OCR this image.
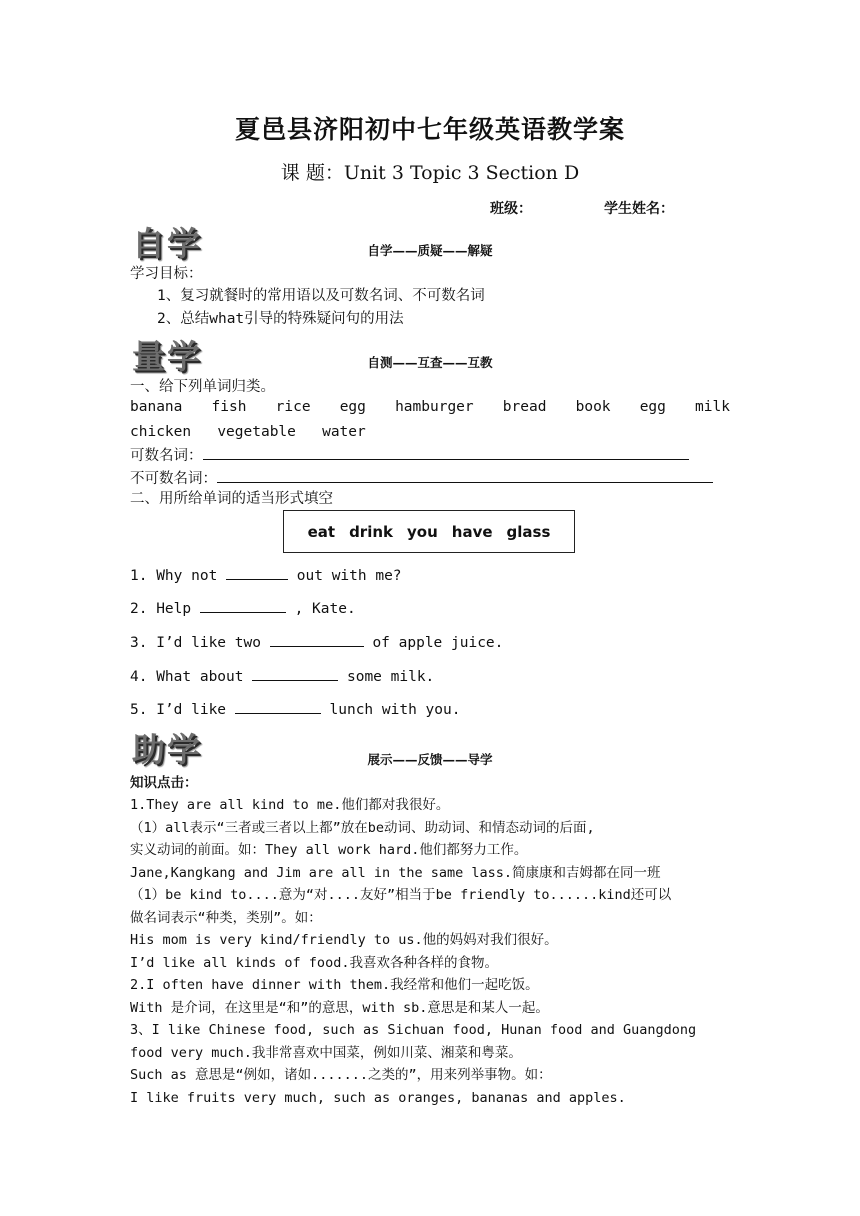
夏邑县济阳初中七年级英语教学案
课 题：Unit 3 Topic 3 Section D
班级：	学生姓名：
自学	自学——质疑——解疑
学习目标：
1、复习就餐时的常用语以及可数名词、不可数名词
2、总结what引导的特殊疑问句的用法
量学	自测——互查——互教
一、给下列单词归类。
banana fish rice egg hamburger bread book egg milk
chicken vegetable water
可数名词：
不可数名词：
二、用所给单词的适当形式填空
eat drink you have glass
1. Why not	out with me?
2. Help	, Kate.
3. I’d like two	of apple juice.
4. What about	some milk.
5. I’d like	lunch with you.
助学	展示——反馈——导学
知识点击：
1.They are all kind to me.他们都对我很好。
（1）all表示“三者或三者以上都”放在be动词、助动词、和情态动词的后面,
实义动词的前面。如：They all work hard.他们都努力工作。
Jane,Kangkang and Jim are all in the same lass.简康康和吉姆都在同一班
（1）be kind to....意为“对....友好”相当于be friendly to......kind还可以
做名词表示“种类，类别”。如：
His mom is very kind/friendly to us.他的妈妈对我们很好。
I’d like all kinds of food.我喜欢各种各样的食物。
2.I often have dinner with them.我经常和他们一起吃饭。
With 是介词，在这里是“和”的意思，with sb.意思是和某人一起。
3、I like Chinese food, such as Sichuan food, Hunan food and Guangdong
food very much.我非常喜欢中国菜，例如川菜、湘菜和粤菜。
Such as 意思是“例如，诸如.......之类的”，用来列举事物。如：
I like fruits very much, such as oranges, bananas and apples.
